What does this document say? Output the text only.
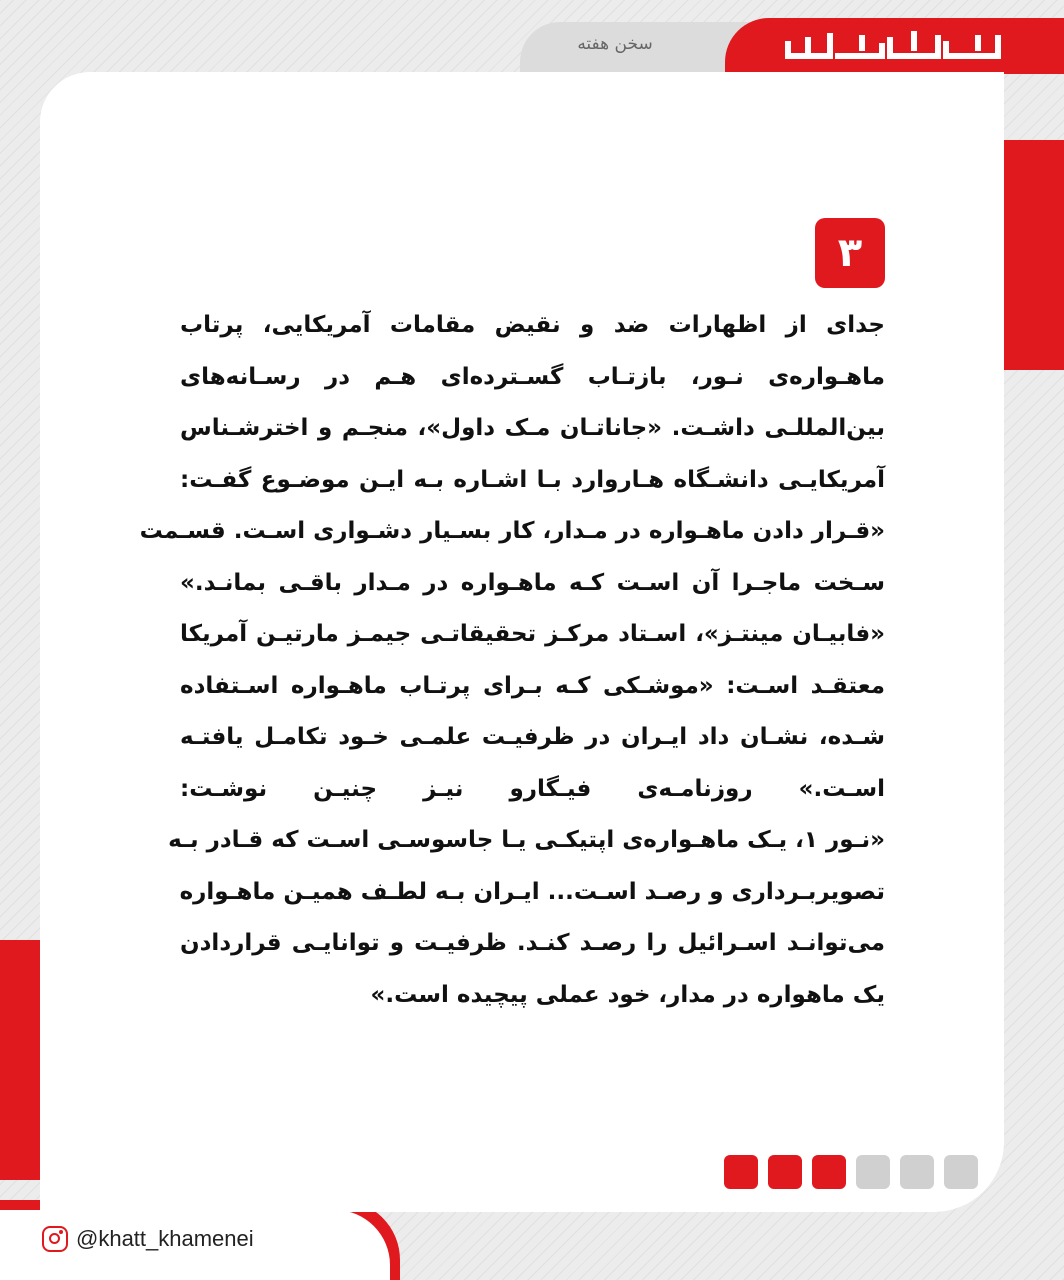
سخن هفته
۳
جدای از اظهارات ضد و نقیض مقامات آمریکایی، پرتاب
ماهـواره‌ی نـور، بازتـاب گسـترده‌ای هـم در رسـانه‌های
بین‌المللـی داشـت. «جاناتـان مـک داول»، منجـم و اخترشـناس
آمریکایـی دانشـگاه هـاروارد بـا اشـاره بـه ایـن موضـوع گفـت:
«قـرار دادن ماهـواره در مـدار، کار بسـیار دشـواری اسـت. قسـمت
سـخت ماجـرا آن اسـت کـه ماهـواره در مـدار باقـی بمانـد.»
«فابیـان مینتـز»، اسـتاد مرکـز تحقیقاتـی جیمـز مارتیـن آمریکا
معتقـد اسـت: «موشـکی کـه بـرای پرتـاب ماهـواره اسـتفاده
شـده، نشـان داد ایـران در ظرفیـت علمـی خـود تکامـل یافتـه
اسـت.» روزنامـه‌ی فیـگارو نیـز چنیـن نوشـت:
«نـور ۱، یـک ماهـواره‌ی اپتیکـی یـا جاسوسـی اسـت که قـادر بـه
تصویربـرداری و رصـد اسـت... ایـران بـه لطـف همیـن ماهـواره
می‌توانـد اسـرائیل را رصـد کنـد. ظرفیـت و توانایـی قراردادن
یک ماهواره در مدار، خود عملی پیچیده است.»
@khatt_khamenei
